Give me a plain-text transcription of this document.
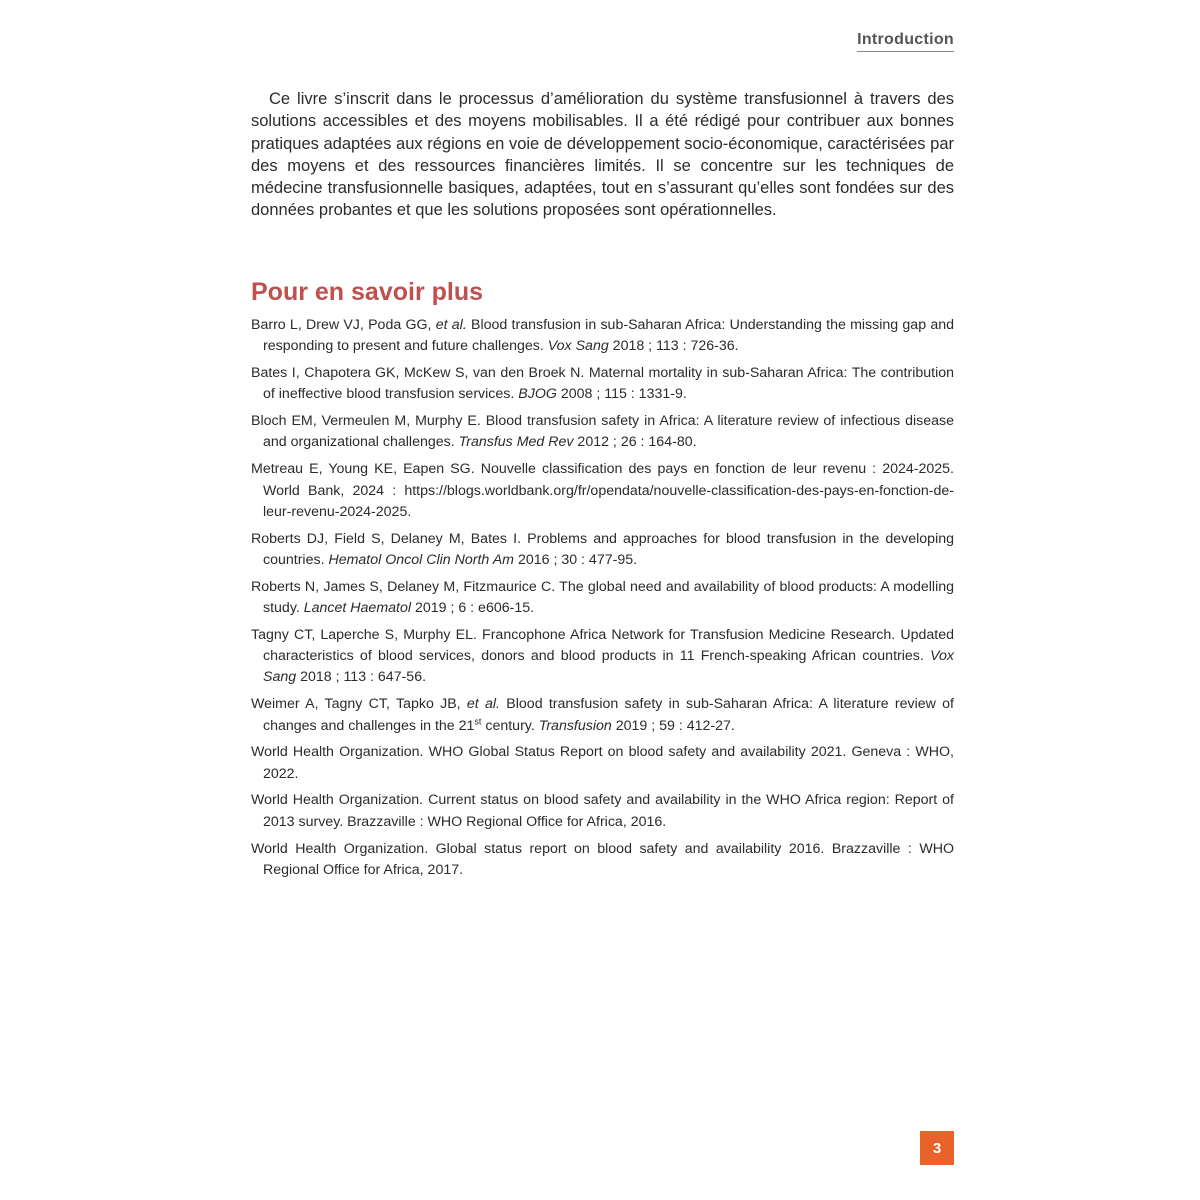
Introduction

Ce livre s’inscrit dans le processus d’amélioration du système transfusionnel à travers des solutions accessibles et des moyens mobilisables. Il a été rédigé pour contribuer aux bonnes pratiques adaptées aux régions en voie de développement socio-économique, caractérisées par des moyens et des ressources financières limités. Il se concentre sur les techniques de médecine transfusionnelle basiques, adaptées, tout en s’assurant qu’elles sont fondées sur des données probantes et que les solutions proposées sont opérationnelles.

Pour en savoir plus
Barro L, Drew VJ, Poda GG, et al. Blood transfusion in sub-Saharan Africa: Understanding the missing gap and responding to present and future challenges. Vox Sang 2018 ; 113 : 726-36.
Bates I, Chapotera GK, McKew S, van den Broek N. Maternal mortality in sub-Saharan Africa: The contribution of ineffective blood transfusion services. BJOG 2008 ; 115 : 1331-9.
Bloch EM, Vermeulen M, Murphy E. Blood transfusion safety in Africa: A literature review of infectious disease and organizational challenges. Transfus Med Rev 2012 ; 26 : 164-80.
Metreau E, Young KE, Eapen SG. Nouvelle classification des pays en fonction de leur revenu : 2024-2025. World Bank, 2024 : https://blogs.worldbank.org/fr/opendata/nouvelle-classification-des-pays-en-fonction-de-leur-revenu-2024-2025.
Roberts DJ, Field S, Delaney M, Bates I. Problems and approaches for blood transfusion in the developing countries. Hematol Oncol Clin North Am 2016 ; 30 : 477-95.
Roberts N, James S, Delaney M, Fitzmaurice C. The global need and availability of blood products: A modelling study. Lancet Haematol 2019 ; 6 : e606-15.
Tagny CT, Laperche S, Murphy EL. Francophone Africa Network for Transfusion Medicine Research. Updated characteristics of blood services, donors and blood products in 11 French-speaking African countries. Vox Sang 2018 ; 113 : 647-56.
Weimer A, Tagny CT, Tapko JB, et al. Blood transfusion safety in sub-Saharan Africa: A literature review of changes and challenges in the 21st century. Transfusion 2019 ; 59 : 412-27.
World Health Organization. WHO Global Status Report on blood safety and availability 2021. Geneva : WHO, 2022.
World Health Organization. Current status on blood safety and availability in the WHO Africa region: Report of 2013 survey. Brazzaville : WHO Regional Office for Africa, 2016.
World Health Organization. Global status report on blood safety and availability 2016. Brazzaville : WHO Regional Office for Africa, 2017.
3
